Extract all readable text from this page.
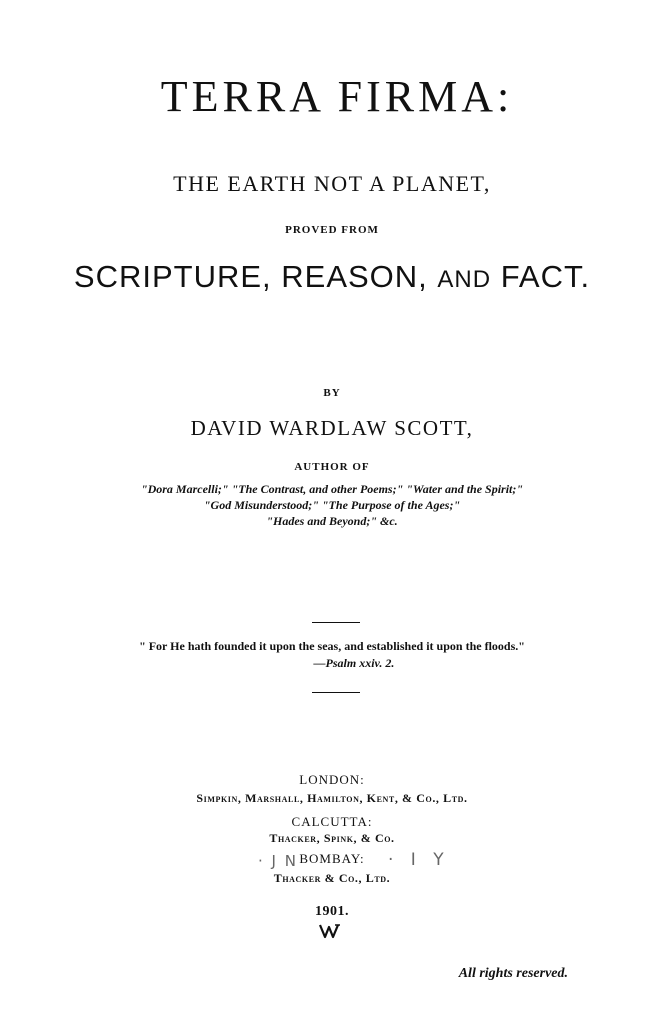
TERRA FIRMA:
THE EARTH NOT A PLANET,
PROVED FROM
SCRIPTURE, REASON, AND FACT.
BY
DAVID WARDLAW SCOTT,
AUTHOR OF
"Dora Marcelli;" "The Contrast, and other Poems;" "Water and the Spirit;"
"God Misunderstood;" "The Purpose of the Ages;"
"Hades and Beyond;" &c.
" For He hath founded it upon the seas, and established it upon the floods."
—Psalm xxiv. 2.
LONDON:
Simpkin, Marshall, Hamilton, Kent, & Co., Ltd.
CALCUTTA:
Thacker, Spink, & Co.
· J N BOMBAY:	· I Y
Thacker & Co., Ltd.
1901.
All rights reserved.
